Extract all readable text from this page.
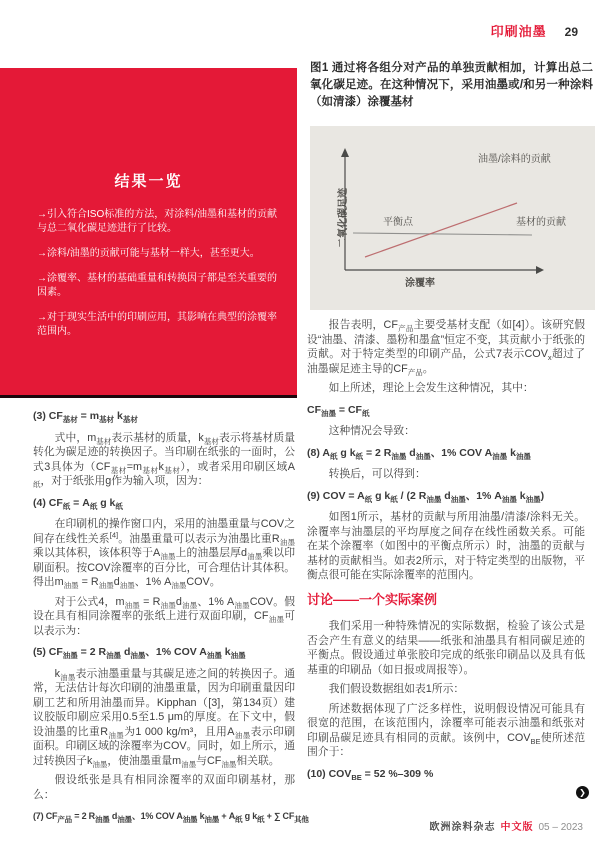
印刷油墨 29
结果一览
→引入符合ISO标准的方法，对涂料/油墨和基材的贡献与总二氧化碳足迹进行了比较。
→涂料/油墨的贡献可能与基材一样大，甚至更大。
→涂覆率、基材的基础重量和转换因子都是至关重要的因素。
→对于现实生活中的印刷应用，其影响在典型的涂覆率范围内。
图1 通过将各组分对产品的单独贡献相加，计算出总二氧化碳足迹。在这种情况下，采用油墨或/和另一种涂料（如清漆）涂覆基材
二氧化碳足迹
涂覆率
油墨/涂料的贡献
基材的贡献
平衡点
(3) $CF_{基材} = m_{基材}$ $k_{基材}$
式中，$m_{基材}$表示基材的质量，$k_{基材}$表示将基材质量转化为碳足迹的转换因子。当印刷在纸张的一面时，公式3具体为$(CF_{基材}=m_{基材}k_{基材})$，或者采用印刷区域$A_纸$，对于纸张用g作为输入项，因为：
(4) $CF_纸 = A_纸$ g $k_纸$
在印刷机的操作窗口内，采用的油墨重量与COV之间存在线性关系[4]。油墨重量可以表示为油墨比重$R_{油墨}$乘以其体积，该体积等于$A_{油墨}$上的油墨层厚$d_{油墨}$乘以印刷面积。按COV涂覆率的百分比，可合理估计其体积。得出$m_{油墨} = R_{油墨}d_{油墨}$、1% $A_{油墨}COV$。
对于公式4，$m_{油墨} = R_{油墨}d_{油墨}$、1% $A_{油墨}COV$。假设在具有相同涂覆率的张纸上进行双面印刷，$CF_{油墨}$可以表示为：
(5) $CF_{油墨} = 2$ $R_{油墨}$ $d_{油墨}$、1% COV $A_{油墨}$ $k_{油墨}$
$k_{油墨}$表示油墨重量与其碳足迹之间的转换因子。通常，无法估计每次印刷的油墨重量，因为印刷重量因印刷工艺和所用油墨而异。Kipphan（[3]，第134页）建议胶版印刷应采用0.5至1.5 μm的厚度。在下文中，假设油墨的比重$R_{油墨}$为1 000 kg/m³，且用$A_{油墨}$表示印刷面积。印刷区域的涂覆率为COV。同时，如上所示，通过转换因子$k_{油墨}$，使油墨重量$m_{油墨}$与$CF_{油墨}$相关联。
假设纸张是具有相同涂覆率的双面印刷基材，那么：
(7) $CF_{产品} = 2$ $R_{油墨}$ $d_{油墨}$、1% COV $A_{油墨}$ $k_{油墨} + A_纸$ g $k_纸$ + ∑ $CF_{其他}$
报告表明，$CF_{产品}$主要受基材支配（如[4]）。该研究假设“油墨、清漆、墨粉和墨盒”恒定不变，其贡献小于纸张的贡献。对于特定类型的印刷产品，公式7表示$COV_x$超过了油墨碳足迹主导的$CF_{产品}$。
如上所述，理论上会发生这种情况，其中：
$CF_{油墨} = CF_纸$
这种情况会导致：
(8) $A_纸$ g $k_纸 = 2$ $R_{油墨}$ $d_{油墨}$、1% COV $A_{油墨}$ $k_{油墨}$
转换后，可以得到：
(9) COV = $A_纸$ g $k_纸 / (2$ $R_{油墨}$ $d_{油墨}$、1% $A_{油墨}$ $k_{油墨}$)
如图1所示，基材的贡献与所用油墨/清漆/涂料无关。涂覆率与油墨层的平均厚度之间存在线性函数关系。可能在某个涂覆率（如图中的平衡点所示）时，油墨的贡献与基材的贡献相当。如表2所示，对于特定类型的出版物，平衡点很可能在实际涂覆率的范围内。
讨论——一个实际案例
我们采用一种特殊情况的实际数据，检验了该公式是否会产生有意义的结果——纸张和油墨具有相同碳足迹的平衡点。假设通过单张胶印完成的纸张印刷品以及具有低基重的印刷品（如日报或周报等）。
我们假设数据组如表1所示：
所述数据体现了广泛多样性，说明假设情况可能具有很宽的范围，在该范围内，涂覆率可能表示油墨和纸张对印刷品碳足迹具有相同的贡献。该例中，$COV_{BE}$使所述范围介于：
(10) $COV_{BE} = 52$ %–309 %
❯
欧洲涂料杂志 中文版 05 – 2023
